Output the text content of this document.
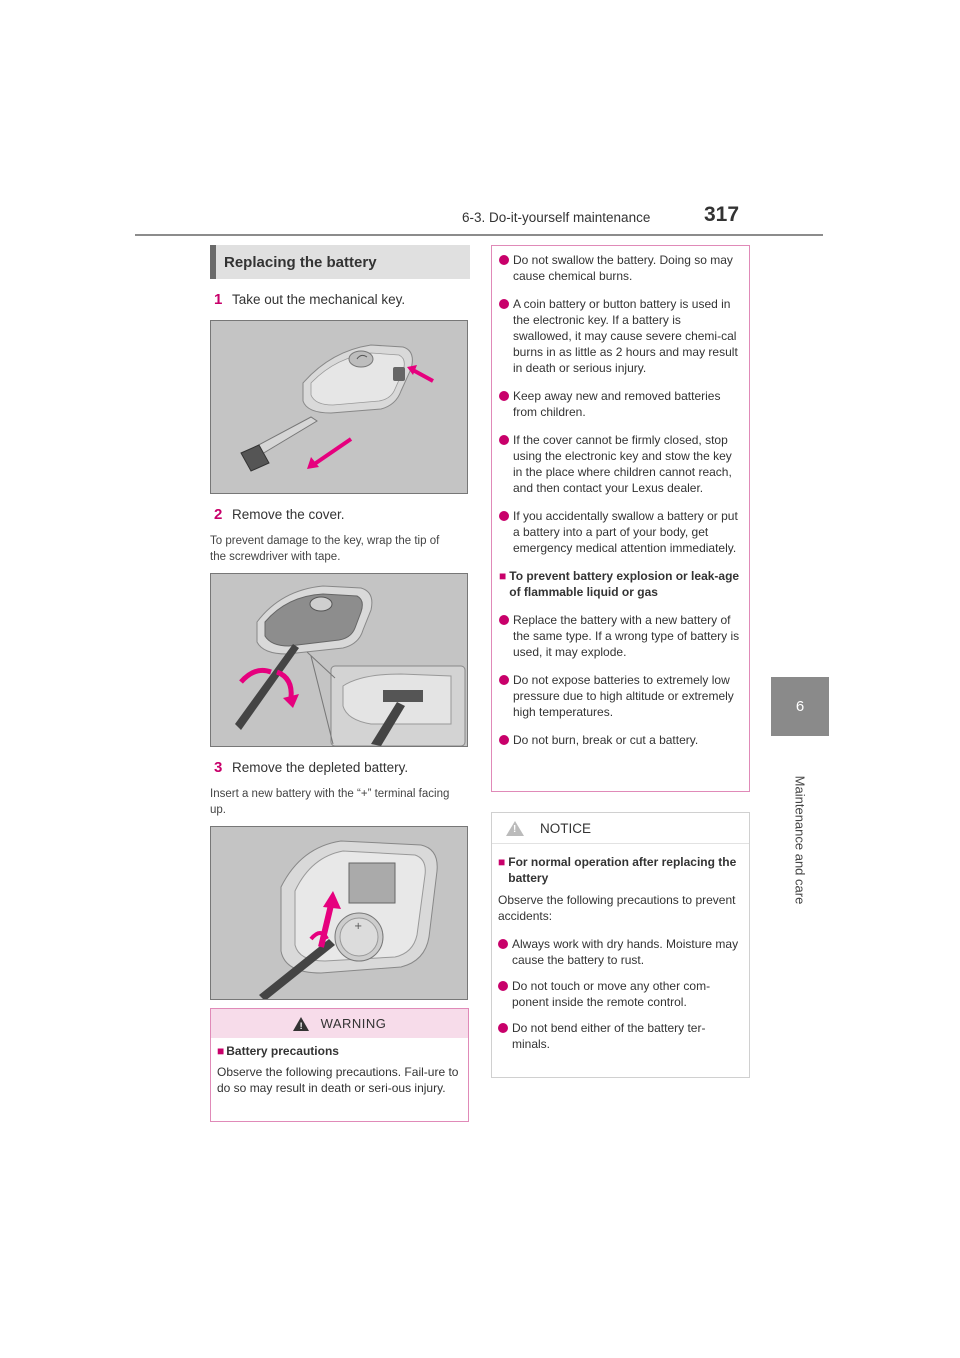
6-3. Do-it-yourself maintenance	317
6
Maintenance and care
Replacing the battery
1 Take out the mechanical key.
2 Remove the cover.
To prevent damage to the key, wrap the tip of the screwdriver with tape.
3 Remove the depleted battery.
Insert a new battery with the “+” terminal facing up.
+
! WARNING
■ Battery precautions
Observe the following precautions. Fail-ure to do so may result in death or seri-ous injury.
Do not swallow the battery. Doing so may cause chemical burns.
A coin battery or button battery is used in the electronic key. If a battery is swallowed, it may cause severe chemi-cal burns in as little as 2 hours and may result in death or serious injury.
Keep away new and removed batteries from children.
If the cover cannot be firmly closed, stop using the electronic key and stow the key in the place where children cannot reach, and then contact your Lexus dealer.
If you accidentally swallow a battery or put a battery into a part of your body, get emergency medical attention immediately.
■ To prevent battery explosion or leak-age of flammable liquid or gas
Replace the battery with a new battery of the same type. If a wrong type of battery is used, it may explode.
Do not expose batteries to extremely low pressure due to high altitude or extremely high temperatures.
Do not burn, break or cut a battery.
! NOTICE
■ For normal operation after replacing the battery
Observe the following precautions to prevent accidents:
Always work with dry hands. Moisture may cause the battery to rust.
Do not touch or move any other com-ponent inside the remote control.
Do not bend either of the battery ter-minals.
